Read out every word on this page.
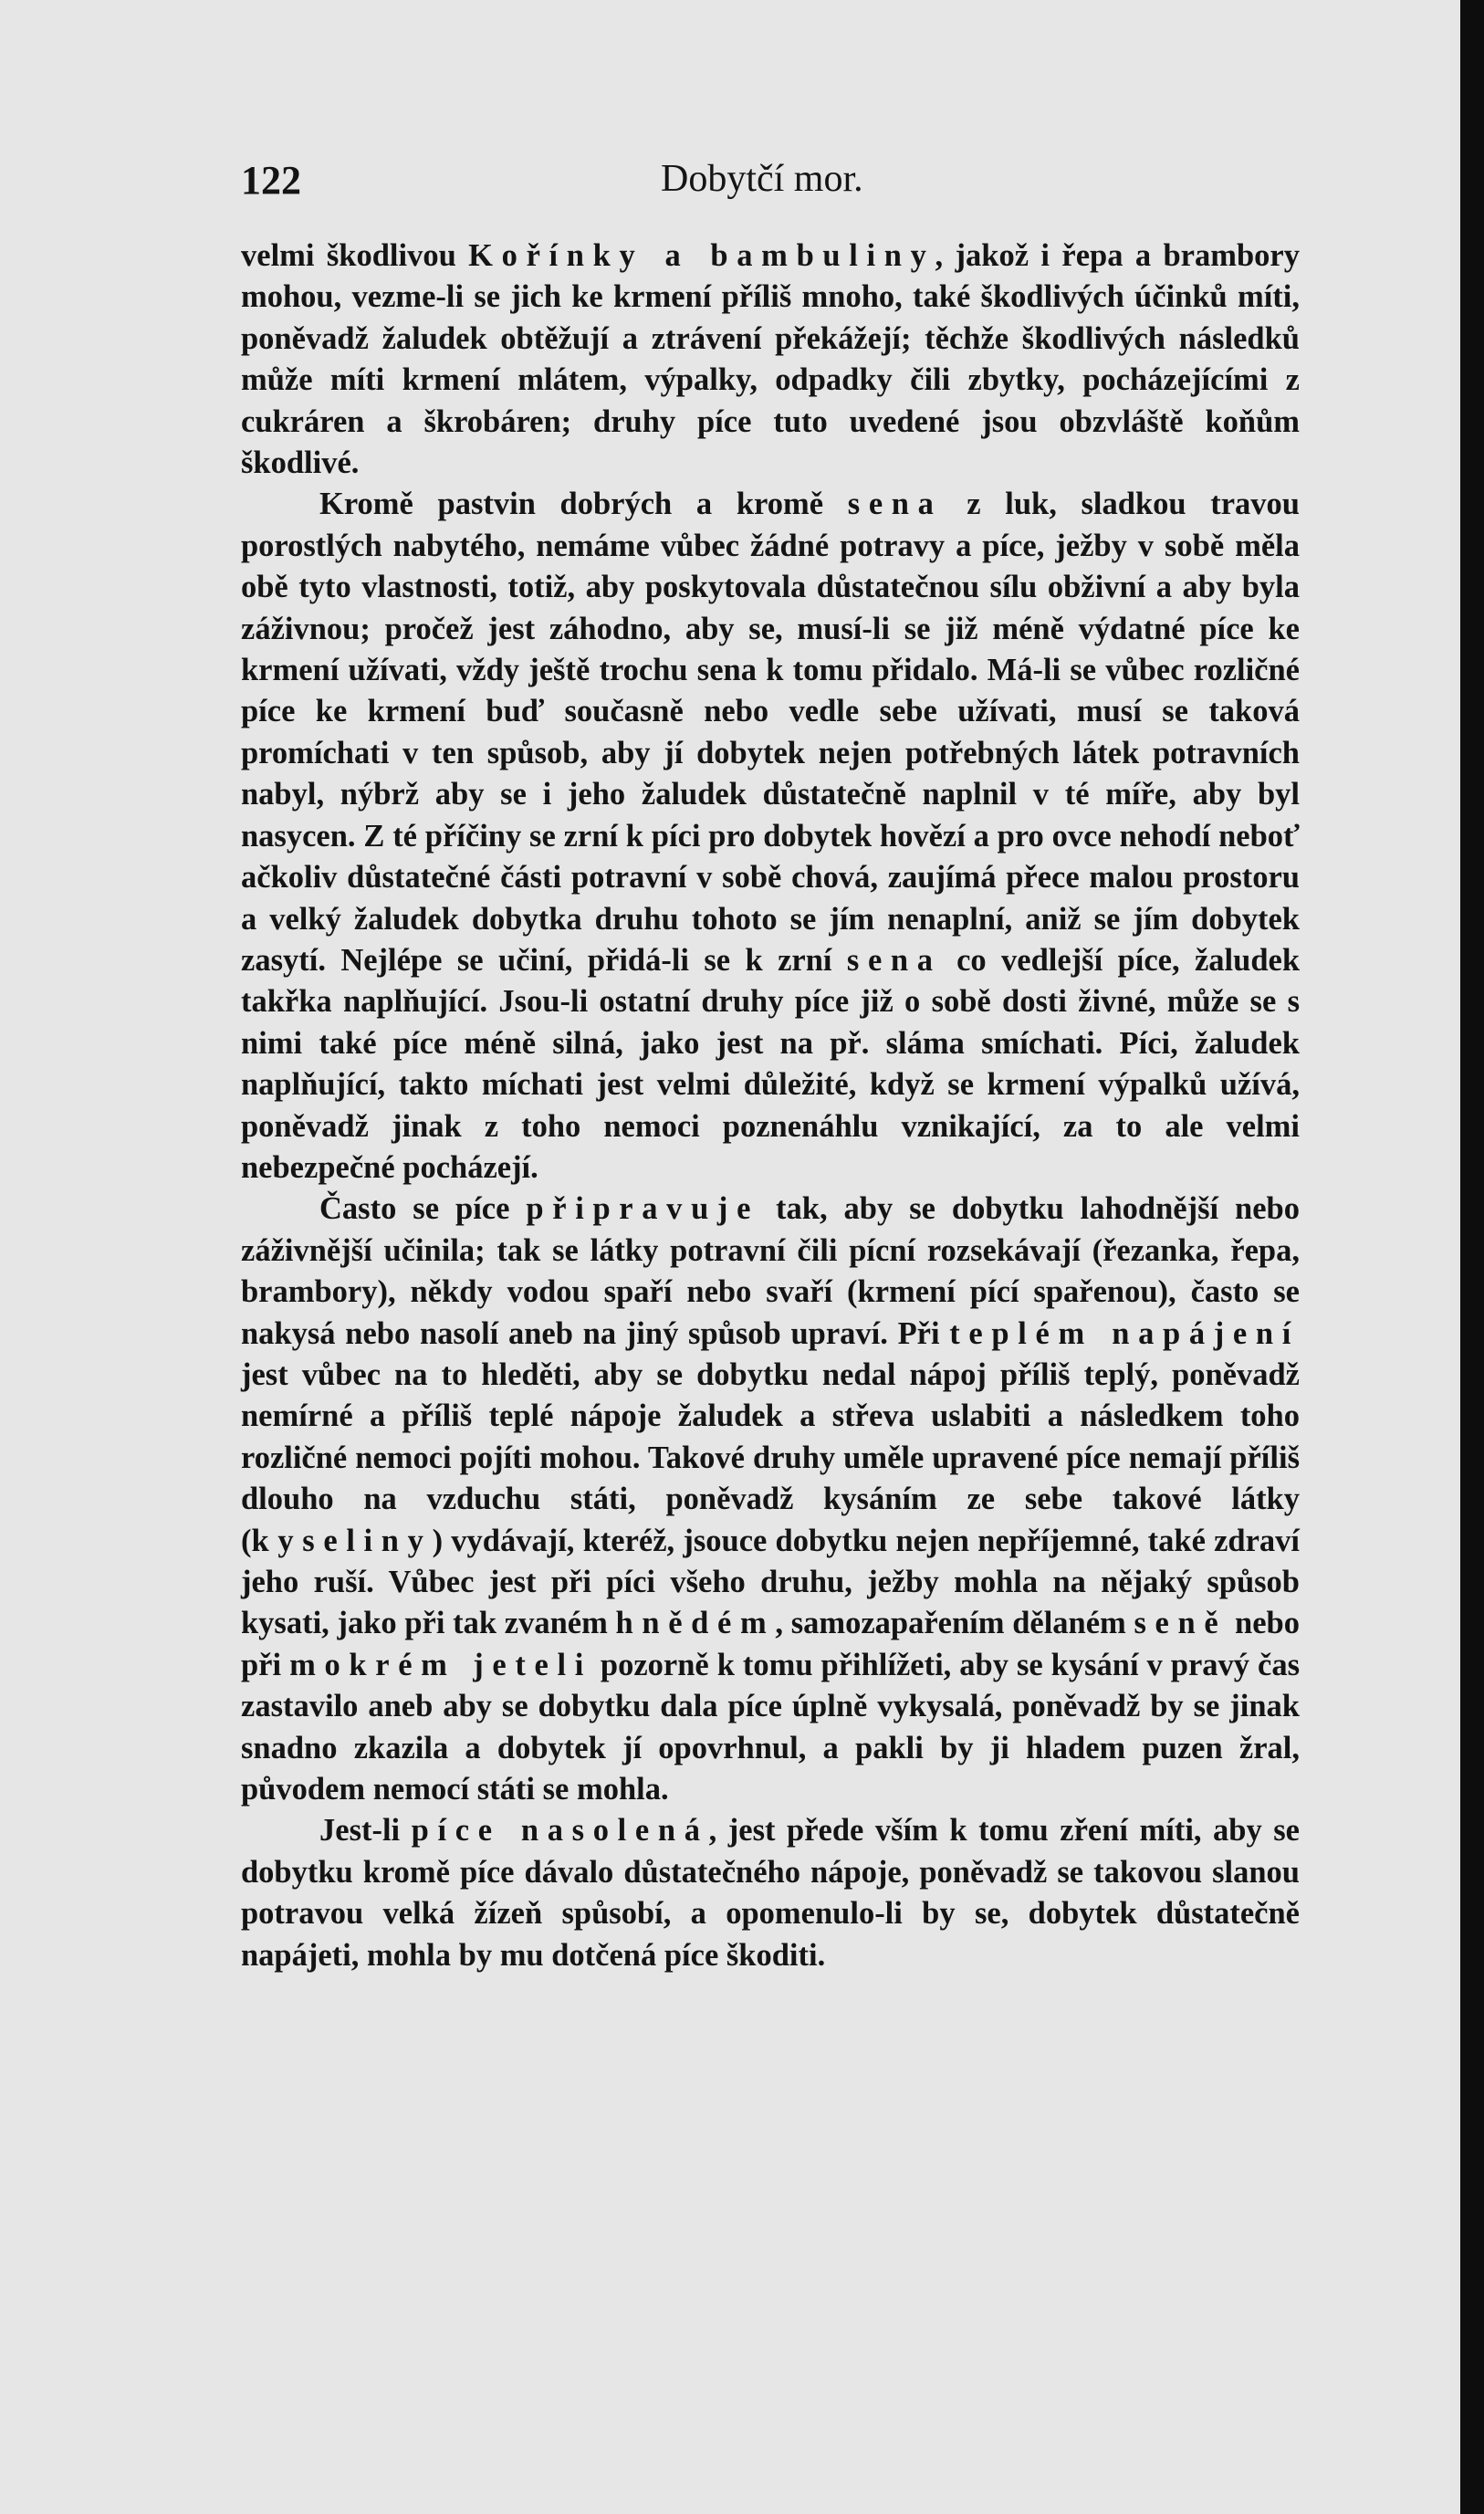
122	Dobytčí mor.

velmi škodlivou Kořínky a bambuliny, jakož i řepa a brambory mohou, vezme-li se jich ke krmení příliš mnoho, také škodlivých účinků míti, poněvadž žaludek obtěžují a ztrávení překážejí; těchže škodlivých následků může míti krmení mlátem, výpalky, odpadky čili zbytky, pocházejícími z cukráren a škrobáren; druhy píce tuto uvedené jsou obzvláště koňům škodlivé.

Kromě pastvin dobrých a kromě sena z luk, sladkou travou porostlých nabytého, nemáme vůbec žádné potravy a píce, ježby v sobě měla obě tyto vlastnosti, totiž, aby poskytovala důstatečnou sílu obživní a aby byla záživnou; pročež jest záhodno, aby se, musí-li se již méně výdatné píce ke krmení užívati, vždy ještě trochu sena k tomu přidalo. Má-li se vůbec rozličné píce ke krmení buď současně nebo vedle sebe užívati, musí se taková promíchati v ten spůsob, aby jí dobytek nejen potřebných látek potravních nabyl, nýbrž aby se i jeho žaludek důstatečně naplnil v té míře, aby byl nasycen. Z té příčiny se zrní k píci pro dobytek hovězí a pro ovce nehodí neboť ačkoliv důstatečné části potravní v sobě chová, zaujímá přece malou prostoru a velký žaludek dobytka druhu tohoto se jím nenaplní, aniž se jím dobytek zasytí. Nejlépe se učiní, přidá-li se k zrní sena co vedlejší píce, žaludek takřka naplňující. Jsou-li ostatní druhy píce již o sobě dosti živné, může se s nimi také píce méně silná, jako jest na př. sláma smíchati. Píci, žaludek naplňující, takto míchati jest velmi důležité, když se krmení výpalků užívá, poněvadž jinak z toho nemoci poznenáhlu vznikající, za to ale velmi nebezpečné pocházejí.

Často se píce připravuje tak, aby se dobytku lahodnější nebo záživnější učinila; tak se látky potravní čili pícní rozsekávají (řezanka, řepa, brambory), někdy vodou spaří nebo svaří (krmení pící spařenou), často se nakysá nebo nasolí aneb na jiný spůsob upraví. Při teplém napájení jest vůbec na to hleděti, aby se dobytku nedal nápoj příliš teplý, poněvadž nemírné a příliš teplé nápoje žaludek a střeva uslabiti a následkem toho rozličné nemoci pojíti mohou. Takové druhy uměle upravené píce nemají příliš dlouho na vzduchu státi, poněvadž kysáním ze sebe takové látky (kyseliny) vydávají, kteréž, jsouce dobytku nejen nepříjemné, také zdraví jeho ruší. Vůbec jest při píci všeho druhu, ježby mohla na nějaký spůsob kysati, jako při tak zvaném hnědém, samozapařením dělaném seně nebo při mokrém jeteli pozorně k tomu přihlížeti, aby se kysání v pravý čas zastavilo aneb aby se dobytku dala píce úplně vykysalá, poněvadž by se jinak snadno zkazila a dobytek jí opovrhnul, a pakli by ji hladem puzen žral, původem nemocí státi se mohla.

Jest-li píce nasolená, jest přede vším k tomu zření míti, aby se dobytku kromě píce dávalo důstatečného nápoje, poněvadž se takovou slanou potravou velká žízeň spůsobí, a opomenulo-li by se, dobytek důstatečně napájeti, mohla by mu dotčená píce škoditi.
